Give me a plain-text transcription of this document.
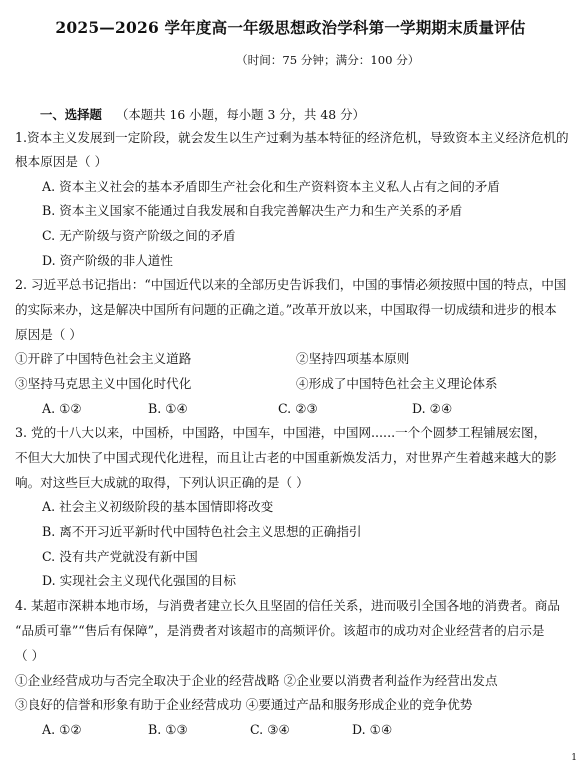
2025—2026 学年度高一年级思想政治学科第一学期期末质量评估
（时间：75 分钟；满分：100 分）
一、选择题 （本题共 16 小题，每小题 3 分，共 48 分）
1.资本主义发展到一定阶段，就会发生以生产过剩为基本特征的经济危机，导致资本主义经济危机的
根本原因是（ ）
A. 资本主义社会的基本矛盾即生产社会化和生产资料资本主义私人占有之间的矛盾
B. 资本主义国家不能通过自我发展和自我完善解决生产力和生产关系的矛盾
C. 无产阶级与资产阶级之间的矛盾
D. 资产阶级的非人道性
2. 习近平总书记指出：“中国近代以来的全部历史告诉我们，中国的事情必须按照中国的特点，中国
的实际来办，这是解决中国所有问题的正确之道。”改革开放以来，中国取得一切成绩和进步的根本
原因是（ ）
①开辟了中国特色社会主义道路	②坚持四项基本原则
③坚持马克思主义中国化时代化	④形成了中国特色社会主义理论体系
A. ①②	B. ①④	C. ②③	D. ②④
3. 党的十八大以来，中国桥，中国路，中国车，中国港，中国网......一个个圆梦工程铺展宏图，
不但大大加快了中国式现代化进程，而且让古老的中国重新焕发活力，对世界产生着越来越大的影
响。对这些巨大成就的取得，下列认识正确的是（ ）
A. 社会主义初级阶段的基本国情即将改变
B. 离不开习近平新时代中国特色社会主义思想的正确指引
C. 没有共产党就没有新中国
D. 实现社会主义现代化强国的目标
4. 某超市深耕本地市场，与消费者建立长久且坚固的信任关系，进而吸引全国各地的消费者。商品
“品质可靠”“售后有保障”，是消费者对该超市的高频评价。该超市的成功对企业经营者的启示是
（ ）
①企业经营成功与否完全取决于企业的经营战略 ②企业要以消费者利益作为经营出发点
③良好的信誉和形象有助于企业经营成功 ④要通过产品和服务形成企业的竞争优势
A. ①②	B. ①③	C. ③④	D. ①④
1
